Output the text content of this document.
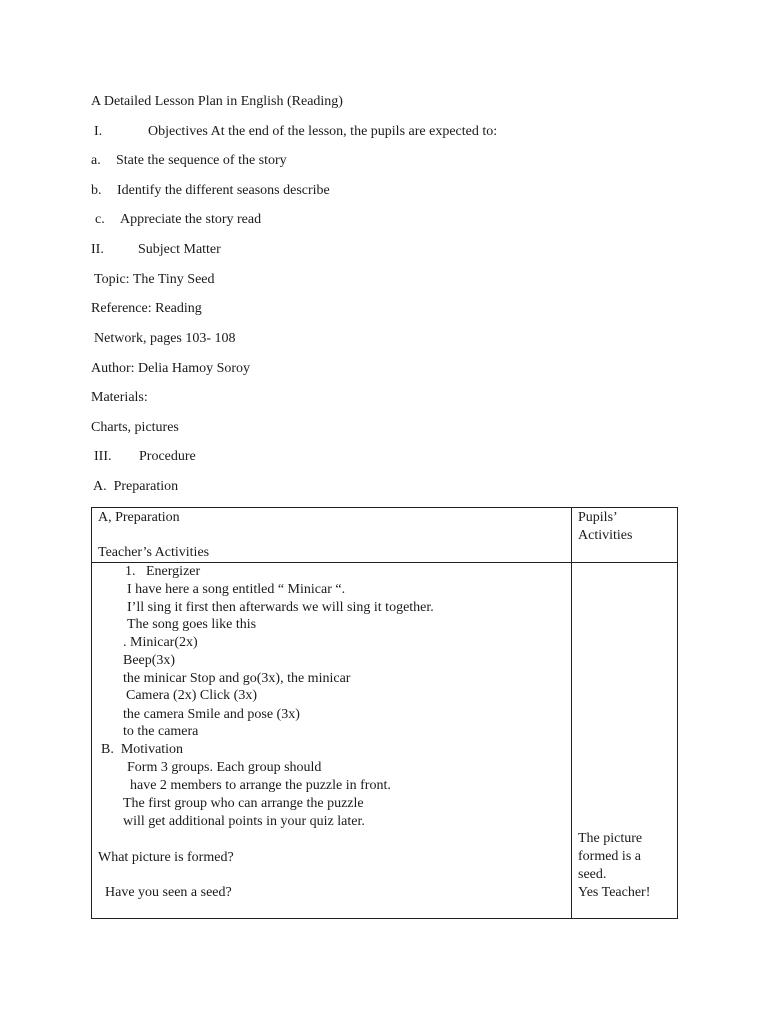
A Detailed Lesson Plan in English (Reading)
I.	Objectives At the end of the lesson, the pupils are expected to:
a. State the sequence of the story
b. Identify the different seasons describe
c. Appreciate the story read
II. Subject Matter
Topic: The Tiny Seed
Reference: Reading
Network, pages 103- 108
Author: Delia Hamoy Soroy
Materials:
Charts, pictures
III. Procedure
A.  Preparation
A, Preparation
Teacher’s Activities
Pupils’
Activities
1.   Energizer
I have here a song entitled “ Minicar “.
I’ll sing it first then afterwards we will sing it together.
The song goes like this
. Minicar(2x)
Beep(3x)
the minicar Stop and go(3x), the minicar
Camera (2x) Click (3x)
the camera Smile and pose (3x)
to the camera
B.  Motivation
Form 3 groups. Each group should
have 2 members to arrange the puzzle in front.
The first group who can arrange the puzzle
will get additional points in your quiz later.
What picture is formed?
Have you seen a seed?
The picture
formed is a
seed.
Yes Teacher!
